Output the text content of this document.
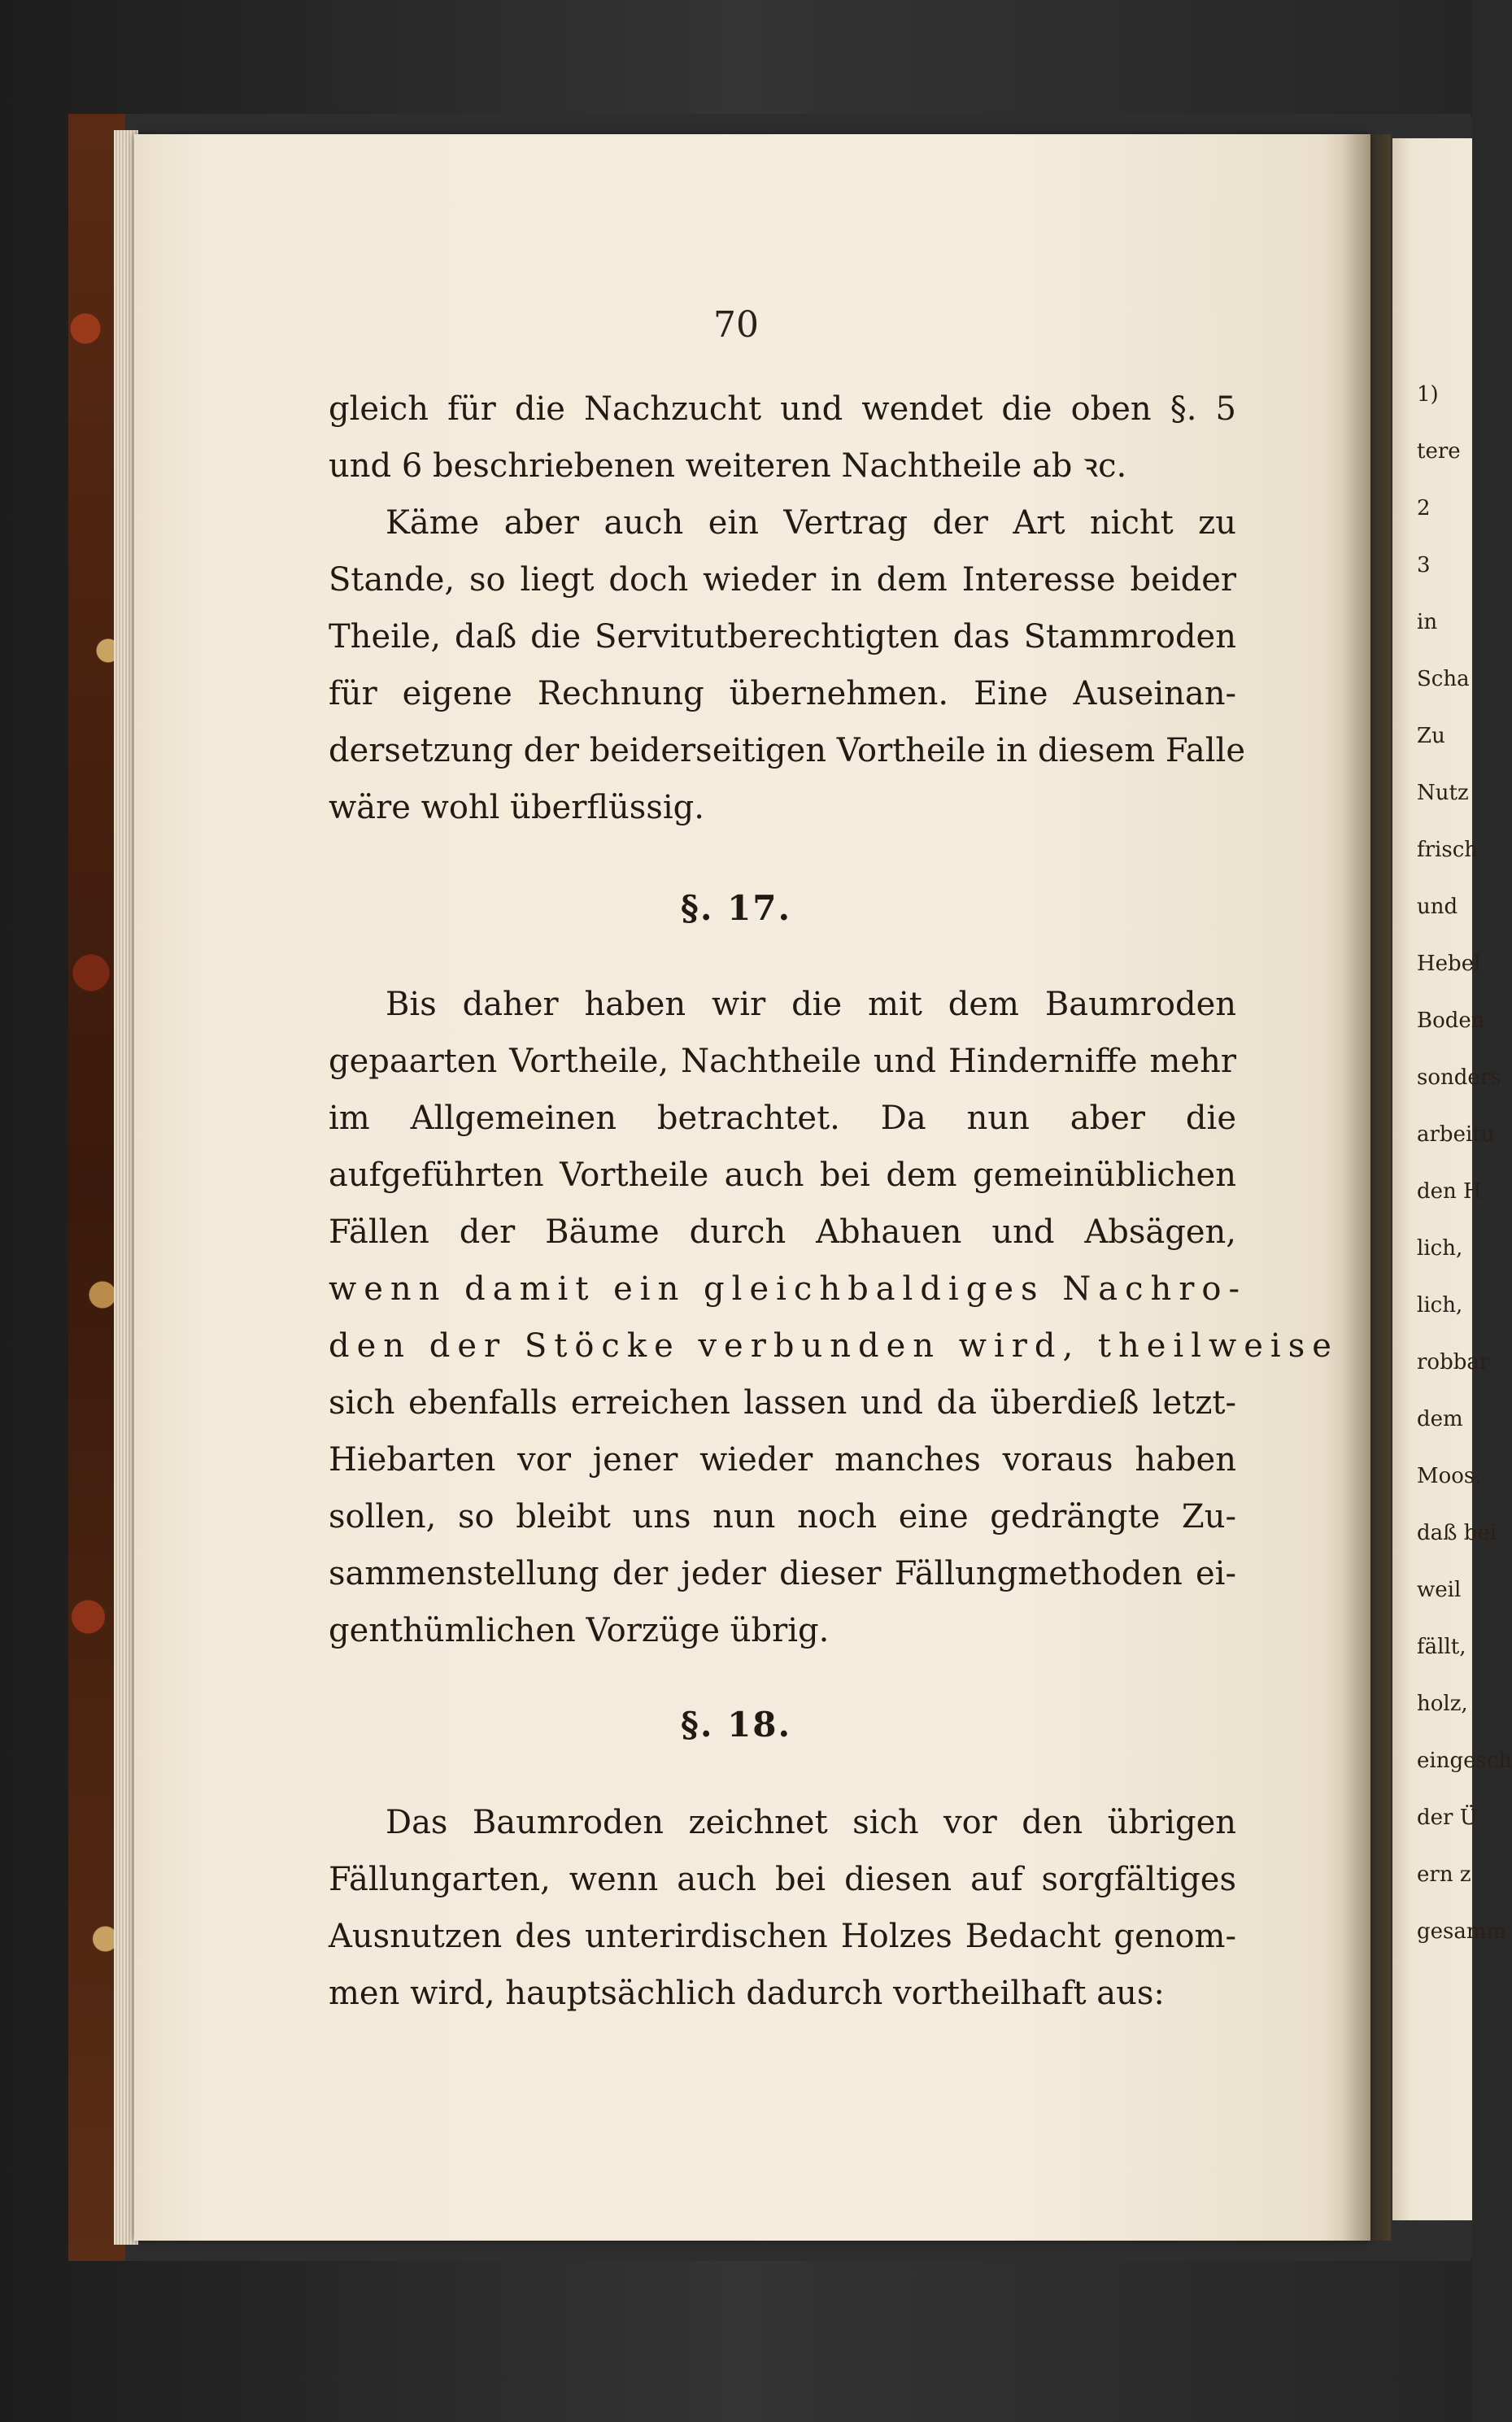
70
gleich für die Nachzucht und wendet die oben §. 5
und 6 beschriebenen weiteren Nachtheile ab ꝛc.
Käme aber auch ein Vertrag der Art nicht zu
Stande, so liegt doch wieder in dem Interesse beider
Theile, daß die Servitutberechtigten das Stammroden
für eigene Rechnung übernehmen. Eine Auseinan-
dersetzung der beiderseitigen Vortheile in diesem Falle
wäre wohl überflüssig.
§. 17.
Bis daher haben wir die mit dem Baumroden
gepaarten Vortheile, Nachtheile und Hinderniffe mehr
im Allgemeinen betrachtet. Da nun aber die
aufgeführten Vortheile auch bei dem gemeinüblichen
Fällen der Bäume durch Abhauen und Absägen,
wenn damit ein gleichbaldiges Nachro-
den der Stöcke verbunden wird, theilweise
sich ebenfalls erreichen lassen und da überdieß letzt-
Hiebarten vor jener wieder manches voraus haben
sollen, so bleibt uns nun noch eine gedrängte Zu-
sammenstellung der jeder dieser Fällungmethoden ei-
genthümlichen Vorzüge übrig.
§. 18.
Das Baumroden zeichnet sich vor den übrigen
Fällungarten, wenn auch bei diesen auf sorgfältiges
Ausnutzen des unterirdischen Holzes Bedacht genom-
men wird, hauptsächlich dadurch vortheilhaft aus:
1)
tere
2
3
in
Scha
Zu
Nutz
frisch
und
Hebel
Boden
sonders
arbeitu
den H
lich,
lich,
robbar
dem
Moos,
daß bei
weil
fällt,
holz,
eingesch
der Ü
ern z
gesamm
